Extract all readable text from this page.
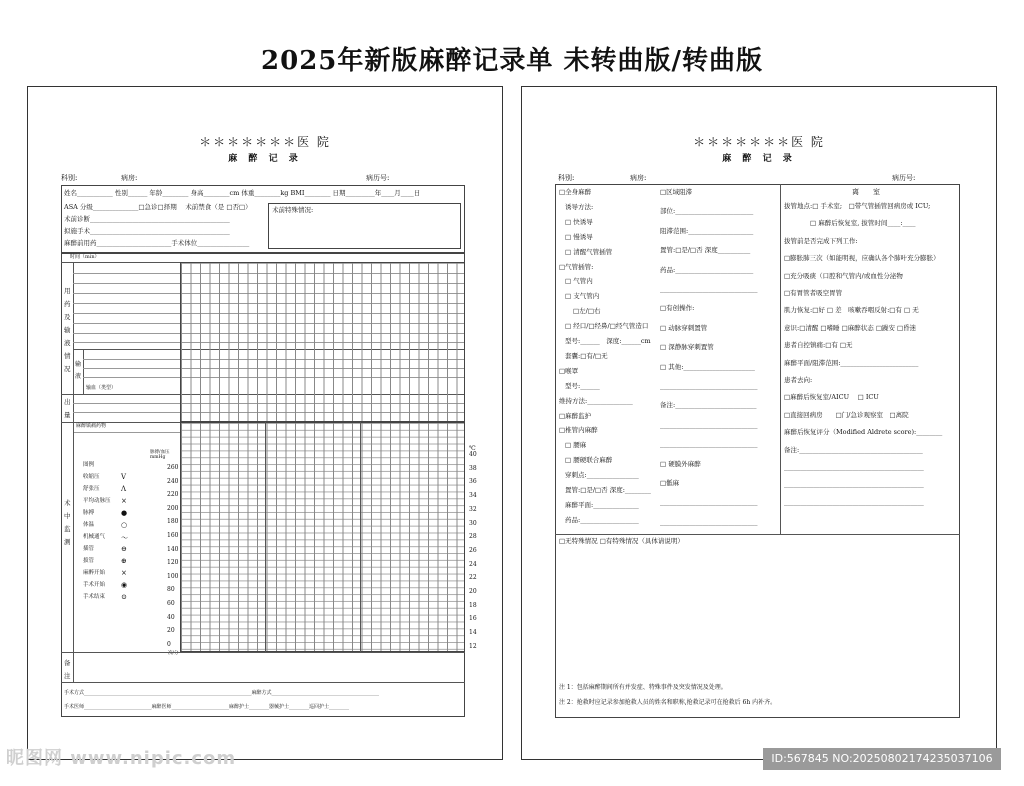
2025年新版麻醉记录单 未转曲版/转曲版
＊＊＊＊＊＊＊医 院
麻 醉 记 录
科别:	病房:	病历号:
姓名___________ 性别______ 年龄________ 身高________cm 体重________kg BMI________ 日期_________年____月____日
ASA 分级______________□急诊□择期　 术前禁食（是 □否□）
术前诊断___________________________________________
拟施手术___________________________________________
麻醉前用药_______________________手术体位________________
术前特殊情况:
时间（min）
用 药 及 输 液 情 况
输 液
输血（类型）
出 量
麻醉镇痛药物
术 中 监 测
图例
收缩压	V
舒张压	Λ
平均动脉压 ×
脉搏	●
体温	○
机械通气 ～
插管	⊖
拔管	⊕
麻醉开始 ×
手术开始 ◉
手术结束 ⊙
脉搏/血压 mmHg
260
240
220
200
180
160
140
120
100
80
60
40
20
0
次/分
℃
40
38
36
34
32
30
28
26
24
22
20
18
16
14
12
备 注
手术方式___________________________________________________________________麻醉方式___________________________________________
手术医师___________________________麻醉医师_______________________麻醉护士________器械护士________巡回护士________
＊＊＊＊＊＊＊医 院
麻 醉 记 录
科别:	病房:	病历号:
□全身麻醉
诱导方法:
□ 快诱导
□ 慢诱导
□ 清醒气管插管
□气管插管:
□ 气管内
□ 支气管内
□左/□右
□ 经口/□经鼻/□经气管造口
型号:______　深度:______cm
套囊:□有/□无
□喉罩
型号:______
维持方法:______________
□麻醉监护
□椎管内麻醉
□ 腰麻
□ 腰硬联合麻醉
穿刺点:________________
置管:□是/□否 深度:________
麻醉平面:______________
药品:__________________
□区域阻滞
部位:________________________
阻滞范围:____________________
置管:□是/□否 深度__________
药品:________________________
______________________________
□有创操作:
□ 动脉穿刺置管
□ 深静脉穿刺置管
□ 其他:______________________
______________________________
备注:_________________________
______________________________
______________________________
□ 硬膜外麻醉
□骶麻
______________________________
______________________________
离　　室
拔管地点:□ 手术室;　□带气管插管回病房或 ICU;
　　　　□ 麻醉后恢复室, 拔管时间____:____
拔管前是否完成下列工作:
□膨胀肺三次（如能明视，应确认各个肺叶充分膨胀）
□充分吸痰（口腔和气管内/或血性分泌物
□有胃管者吸空胃管
肌力恢复:□好 □ 差　咳嗽吞咽反射:□有 □ 无
意识:□清醒 □嗜睡 □麻醉状态 □躁安 □昏迷
患者自控镇痛:□有 □无
麻醉平面/阻滞范围:________________________
患者去向:
□麻醉后恢复室/AICU　 □ ICU
□直接回病房　　□门/急诊观察室　□离院
麻醉后恢复评分（Modified Aldrete score):________
备注:______________________________________
___________________________________________
___________________________________________
___________________________________________
□无特殊情况 □有特殊情况（具体请说明）
注 1：包括麻醉期间所有并发症、特殊事件及突发情况及处理。
注 2：抢救时应记录参加抢救人员的姓名和职称,抢救记录可在抢救后 6h 内补齐。
昵图网 www.nipic.com	ID:567845 NO:20250802174235037106
